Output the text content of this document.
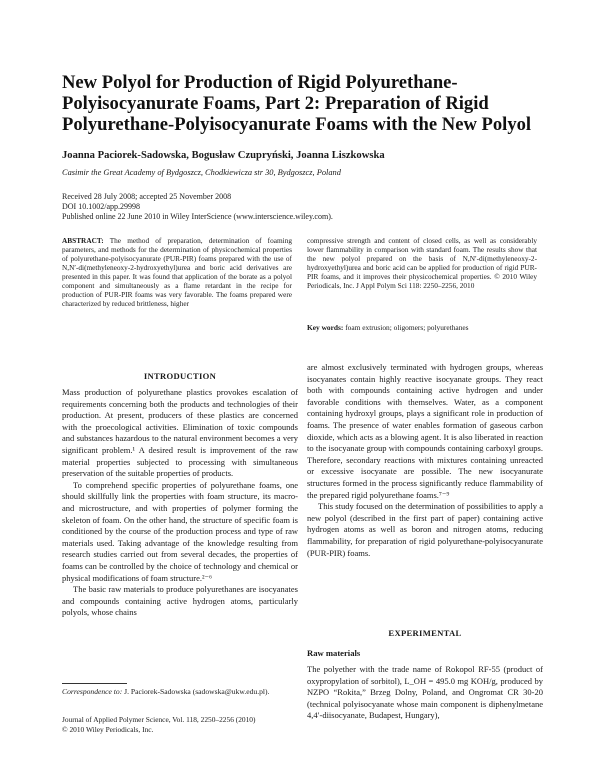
New Polyol for Production of Rigid Polyurethane-Polyisocyanurate Foams, Part 2: Preparation of Rigid Polyurethane-Polyisocyanurate Foams with the New Polyol
Joanna Paciorek-Sadowska, Bogusław Czupryński, Joanna Liszkowska
Casimir the Great Academy of Bydgoszcz, Chodkiewicza str 30, Bydgoszcz, Poland
Received 28 July 2008; accepted 25 November 2008
DOI 10.1002/app.29998
Published online 22 June 2010 in Wiley InterScience (www.interscience.wiley.com).
ABSTRACT: The method of preparation, determination of foaming parameters, and methods for the determination of physicochemical properties of polyurethane-polyisocyanurate (PUR-PIR) foams prepared with the use of N,N′-di(methyleneoxy-2-hydroxyethyl)urea and boric acid derivatives are presented in this paper. It was found that application of the borate as a polyol component and simultaneously as a flame retardant in the recipe for production of PUR-PIR foams was very favorable. The foams prepared were characterized by reduced brittleness, higher
compressive strength and content of closed cells, as well as considerably lower flammability in comparison with standard foam. The results show that the new polyol prepared on the basis of N,N′-di(methyleneoxy-2-hydroxyethyl)urea and boric acid can be applied for production of rigid PUR-PIR foams, and it improves their physicochemical properties. © 2010 Wiley Periodicals, Inc. J Appl Polym Sci 118: 2250–2256, 2010
Key words: foam extrusion; oligomers; polyurethanes
INTRODUCTION

Mass production of polyurethane plastics provokes escalation of requirements concerning both the products and technologies of their production. At present, producers of these plastics are concerned with the proecological activities. Elimination of toxic compounds and substances hazardous to the natural environment becomes a very significant problem.¹ A desired result is improvement of the raw material properties subjected to processing with simultaneous preservation of the suitable properties of products.

To comprehend specific properties of polyurethane foams, one should skillfully link the properties with foam structure, its macro- and microstructure, and with properties of polymer forming the skeleton of foam. On the other hand, the structure of specific foam is conditioned by the course of the production process and type of raw materials used. Taking advantage of the knowledge resulting from research studies carried out from several decades, the properties of foams can be controlled by the choice of technology and chemical or physical modifications of foam structure.²⁻⁶

The basic raw materials to produce polyurethanes are isocyanates and compounds containing active hydrogen atoms, particularly polyols, whose chains

are almost exclusively terminated with hydrogen groups, whereas isocyanates contain highly reactive isocyanate groups. They react both with compounds containing active hydrogen and under favorable conditions with themselves. Water, as a component containing hydroxyl groups, plays a significant role in production of foams. The presence of water enables formation of gaseous carbon dioxide, which acts as a blowing agent. It is also liberated in reaction to the isocyanate group with compounds containing carboxyl groups. Therefore, secondary reactions with mixtures containing unreacted or excessive isocyanate are possible. The new isocyanurate structures formed in the process significantly reduce flammability of the prepared rigid polyurethane foams.⁷⁻⁹

This study focused on the determination of possibilities to apply a new polyol (described in the first part of paper) containing active hydrogen atoms as well as boron and nitrogen atoms, reducing flammability, for preparation of rigid polyurethane-polyisocyanurate (PUR-PIR) foams.

EXPERIMENTAL
Raw materials

The polyether with the trade name of Rokopol RF-55 (product of oxypropylation of sorbitol), L_OH = 495.0 mg KOH/g, produced by NZPO “Rokita,” Brzeg Dolny, Poland, and Ongromat CR 30-20 (technical polyisocyanate whose main component is diphenylmetane 4,4′-diisocyanate, Budapest, Hungary),

Correspondence to: J. Paciorek-Sadowska (sadowska@ukw.edu.pl).
Journal of Applied Polymer Science, Vol. 118, 2250–2256 (2010)
© 2010 Wiley Periodicals, Inc.
